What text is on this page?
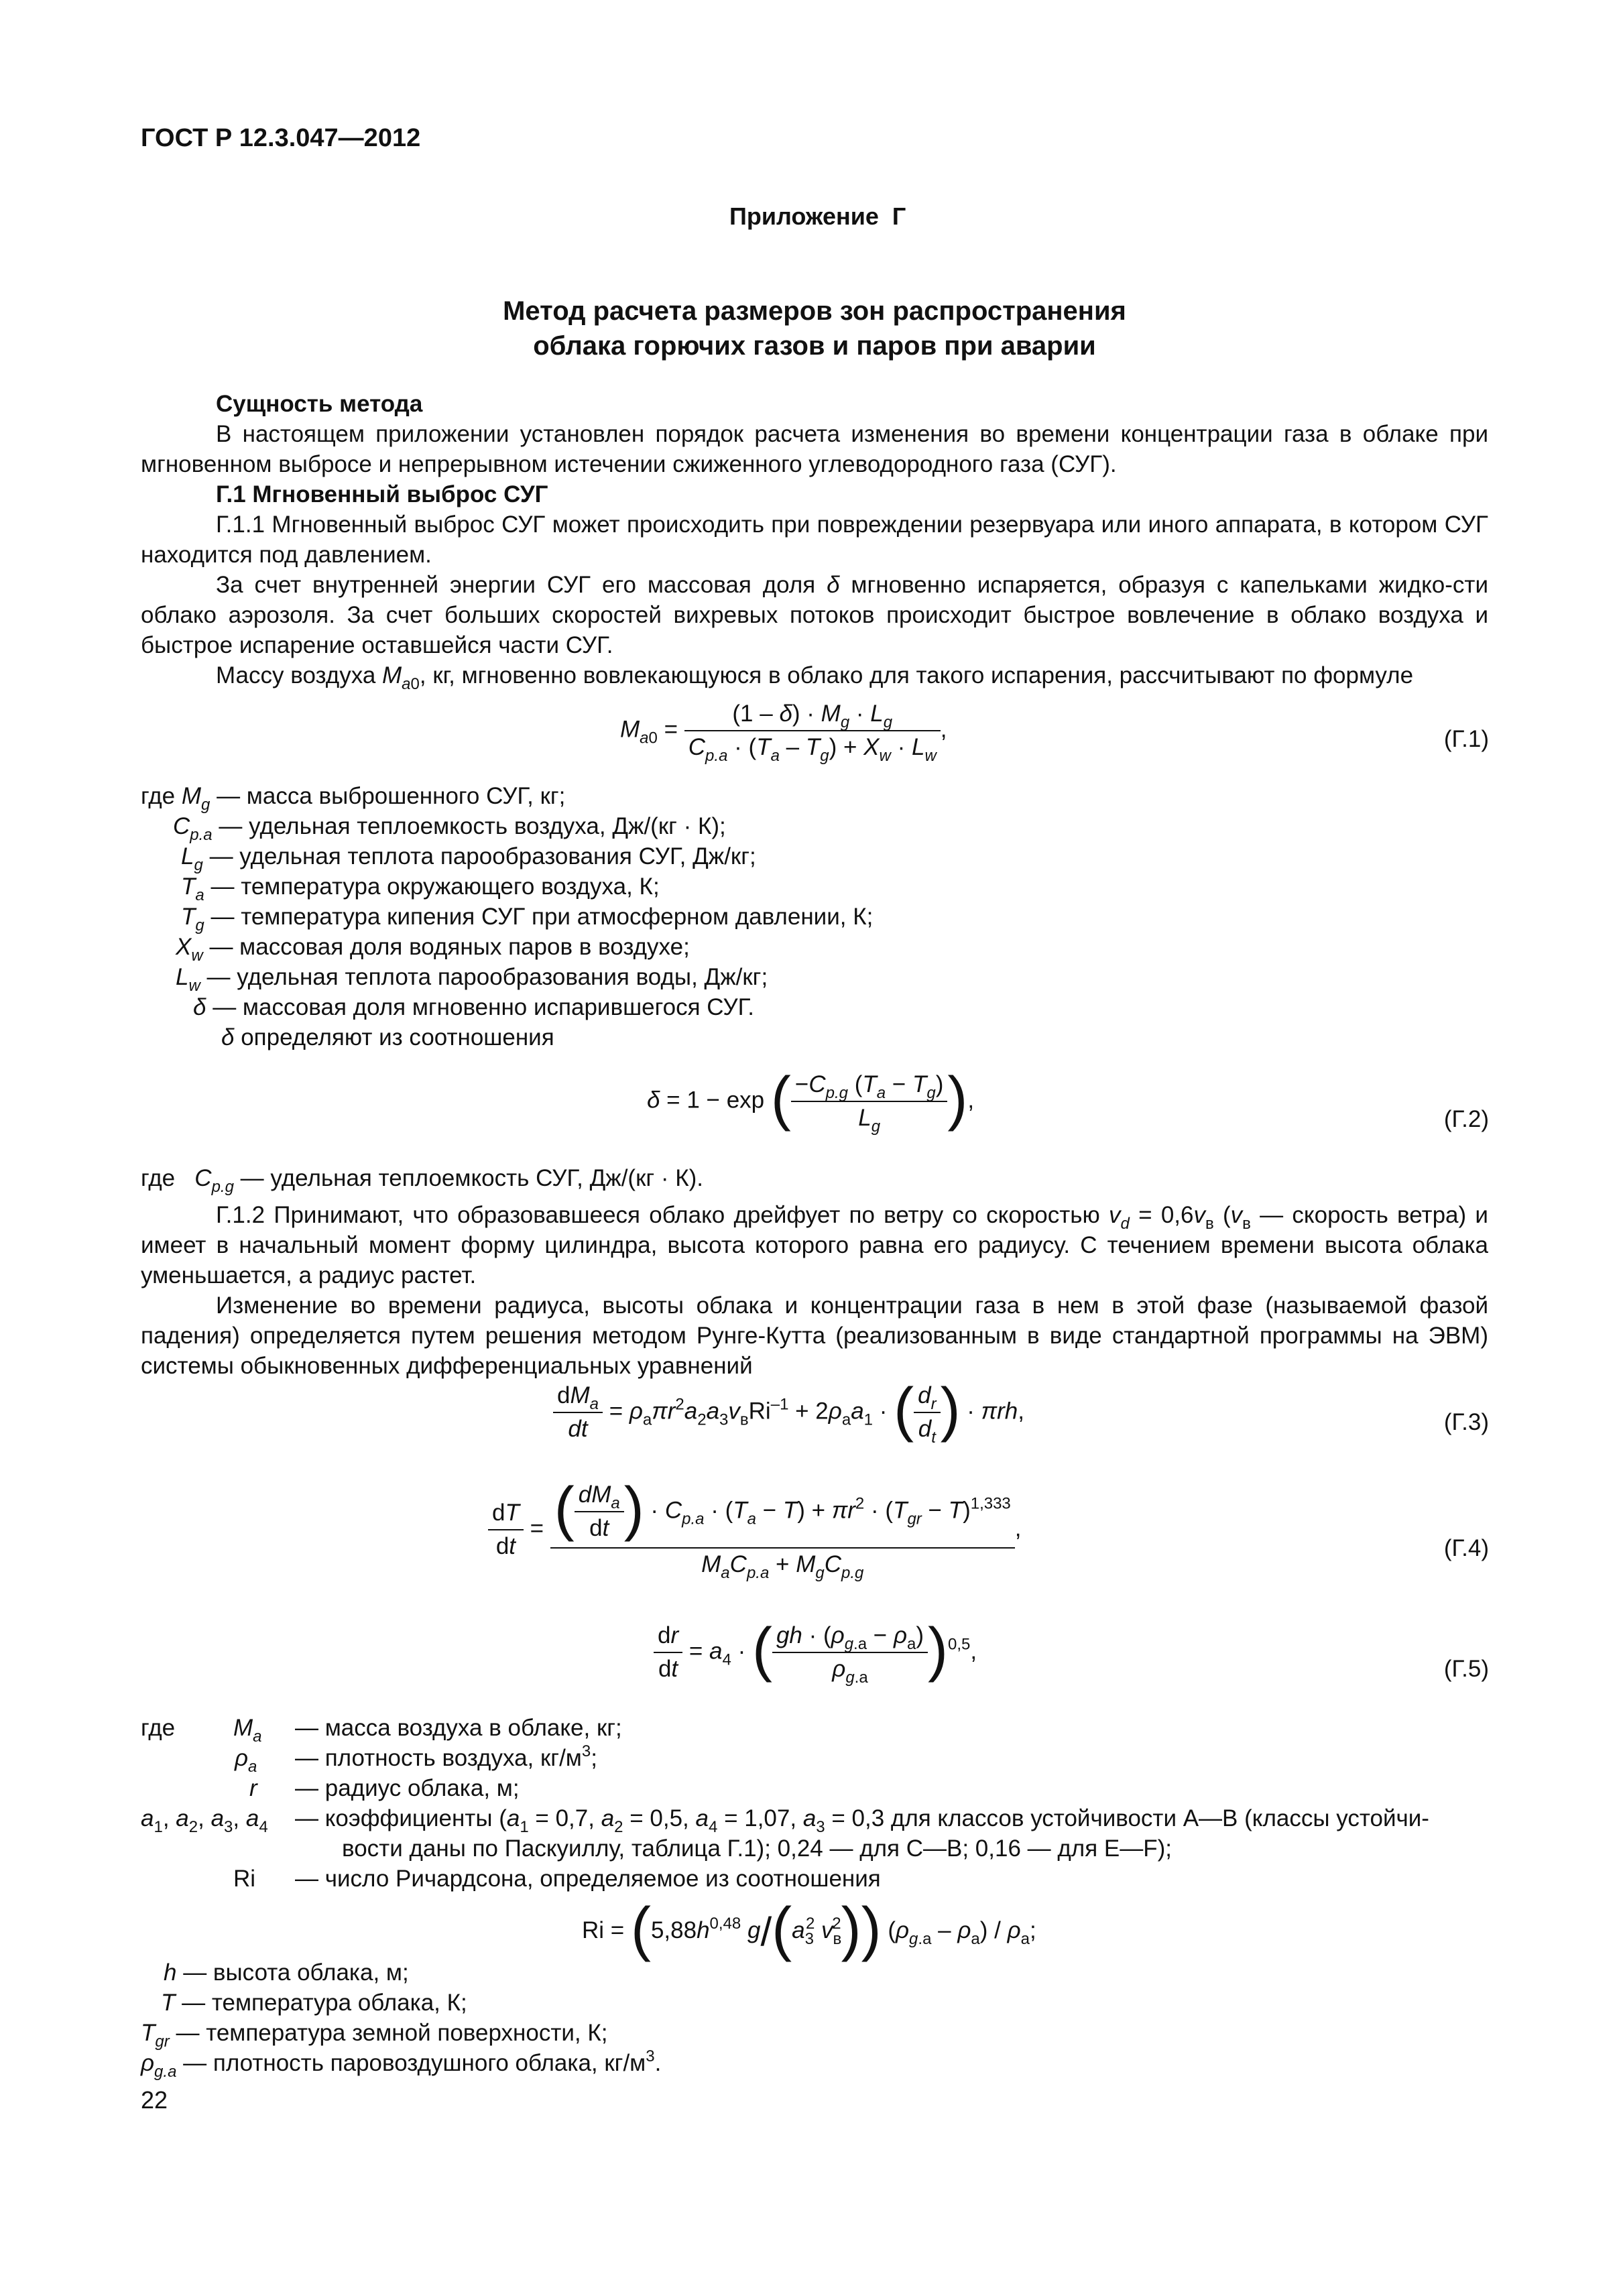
ГОСТ Р 12.3.047—2012
Приложение  Г
Метод расчета размеров зон распространения
облака горючих газов и паров при аварии
Сущность метода
В настоящем приложении установлен порядок расчета изменения во времени концентрации газа в облаке при мгновенном выбросе и непрерывном истечении сжиженного углеводородного газа (СУГ).
Г.1 Мгновенный выброс СУГ
Г.1.1 Мгновенный выброс СУГ может происходить при повреждении резервуара или иного аппарата, в котором СУГ находится под давлением.
За счет внутренней энергии СУГ его массовая доля δ мгновенно испаряется, образуя с капельками жидко-сти облако аэрозоля. За счет больших скоростей вихревых потоков происходит быстрое вовлечение в облако воздуха и быстрое испарение оставшейся части СУГ.
Массу воздуха $M_{a0}$, кг, мгновенно вовлекающуюся в облако для такого испарения, рассчитывают по формуле
$M_{a0} = \frac{(1 - \delta) \cdot M_g \cdot L_g}{C_{p.a} \cdot (T_a - T_g) + X_w \cdot L_w}$ ,	(Г.1)
где $M_g$ — масса выброшенного СУГ, кг;
$C_{p.a}$ — удельная теплоемкость воздуха, Дж/(кг · К);
$L_g$ — удельная теплота парообразования СУГ, Дж/кг;
$T_a$ — температура окружающего воздуха, К;
$T_g$ — температура кипения СУГ при атмосферном давлении, К;
$X_w$ — массовая доля водяных паров в воздухе;
$L_w$ — удельная теплота парообразования воды, Дж/кг;
δ — массовая доля мгновенно испарившегося СУГ.
δ определяют из соотношения
δ = 1 − exp ( $\frac{-C_{p.g} (T_a - T_g)}{L_g}$ ),
(Г.2)
где $C_{p.g}$ — удельная теплоемкость СУГ, Дж/(кг · К).
Г.1.2 Принимают, что образовавшееся облако дрейфует по ветру со скоростью $v_d = 0,6v_в$ ($v_в$ — скорость ветра) и имеет в начальный момент форму цилиндра, высота которого равна его радиусу. С течением времени высота облака уменьшается, а радиус растет.
Изменение во времени радиуса, высоты облака и концентрации газа в нем в этой фазе (называемой фазой падения) определяется путем решения методом Рунге-Кутта (реализованным в виде стандартной программы на ЭВМ) системы обыкновенных дифференциальных уравнений
$\frac{dM_a}{dt} = \rho_a\pi r^2a_2a_3v_вRi^{-1} + 2\rho_aa_1$ · ( $\frac{d_r}{d_t}$ ) · πrh,	(Г.3)
$\frac{dT}{dt} = \frac{( \frac{dM_a}{dt} ) \cdot C_{p.a} \cdot (T_a - T) + \pi r^2 \cdot (T_{gr} - T)^{1,333}}{M_aC_{p.a} + M_gC_{p.g}}$ ,
(Г.4)
$\frac{dr}{dt} = a_4$ · ( $\frac{gh \cdot (\rho_{g.a} - \rho_a)}{\rho_{g.a}} )^{0,5}$,
(Г.5)
где $M_a$ — масса воздуха в облаке, кг;
$\rho_a$ — плотность воздуха, $кг/м^3$;
r — радиус облака, м;
$a_1$, $a_2$, $a_3$, $a_4$ — коэффициенты ($a_1 = 0,7$, $a_2 = 0,5$, $a_4 = 1,07$, $a_3 = 0,3$ для классов устойчивости А—В (классы устойчи-
вости даны по Паскуиллу, таблица Г.1); 0,24 — для С—В; 0,16 — для Е—F);
Ri — число Ричардсона, определяемое из соотношения
$Ri = (5,88h^{0,48}$ $g/(a_3^2$ $v_в^2$)) $(\rho_{g.a} - \rho_a) / \rho_a$;
h — высота облака, м;
T — температура облака, К;
$T_{gr}$ — температура земной поверхности, К;
$\rho_{g.a}$ — плотность паровоздушного облака, $кг/м^3$.
22
